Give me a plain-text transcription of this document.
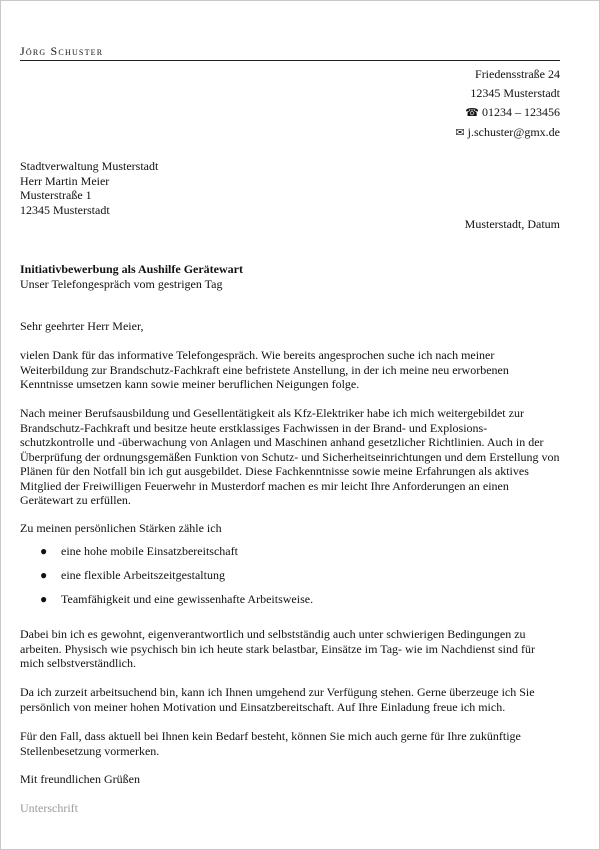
Jörg Schuster
Friedensstraße 24
12345 Musterstadt
☎ 01234 – 123456
✉ j.schuster@gmx.de
Stadtverwaltung Musterstadt
Herr Martin Meier
Musterstraße 1
12345 Musterstadt
Musterstadt, Datum
Initiativbewerbung als Aushilfe Gerätewart
Unser Telefongespräch vom gestrigen Tag
Sehr geehrter Herr Meier,
vielen Dank für das informative Telefongespräch. Wie bereits angesprochen suche ich nach meiner Weiterbildung zur Brandschutz-Fachkraft eine befristete Anstellung, in der ich meine neu erworbenen Kenntnisse umsetzen kann sowie meiner beruflichen Neigungen folge.
Nach meiner Berufsausbildung und Gesellentätigkeit als Kfz-Elektriker habe ich mich weitergebildet zur Brandschutz-Fachkraft und besitze heute erstklassiges Fachwissen in der Brand- und Explosions-schutzkontrolle und -überwachung von Anlagen und Maschinen anhand gesetzlicher Richtlinien. Auch in der Überprüfung der ordnungsgemäßen Funktion von Schutz- und Sicherheitseinrichtungen und dem Erstellung von Plänen für den Notfall bin ich gut ausgebildet. Diese Fachkenntnisse sowie meine Erfahrungen als aktives Mitglied der Freiwilligen Feuerwehr in Musterdorf machen es mir leicht Ihre Anforderungen an einen Gerätewart zu erfüllen.
Zu meinen persönlichen Stärken zähle ich
● eine hohe mobile Einsatzbereitschaft
● eine flexible Arbeitszeitgestaltung
● Teamfähigkeit und eine gewissenhafte Arbeitsweise.
Dabei bin ich es gewohnt, eigenverantwortlich und selbstständig auch unter schwierigen Bedingungen zu arbeiten. Physisch wie psychisch bin ich heute stark belastbar, Einsätze im Tag- wie im Nachdienst sind für mich selbstverständlich.
Da ich zurzeit arbeitsuchend bin, kann ich Ihnen umgehend zur Verfügung stehen. Gerne überzeuge ich Sie persönlich von meiner hohen Motivation und Einsatzbereitschaft. Auf Ihre Einladung freue ich mich.
Für den Fall, dass aktuell bei Ihnen kein Bedarf besteht, können Sie mich auch gerne für Ihre zukünftige Stellenbesetzung vormerken.
Mit freundlichen Grüßen
Unterschrift
